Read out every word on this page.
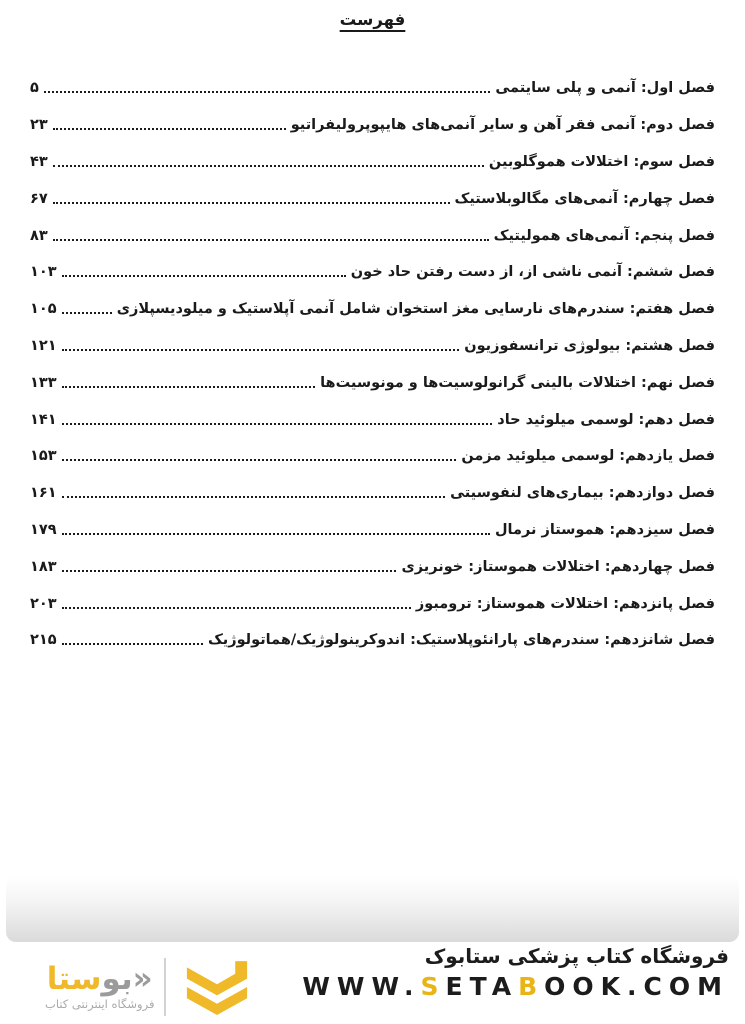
فهرست
فصل اول: آنمی و پلی سایتمی
۵
فصل دوم: آنمی فقر آهن و سایر آنمی‌های هایپوپرولیفراتیو
۲۳
فصل سوم: اختلالات هموگلوبین
۴۳
فصل چهارم: آنمی‌های مگالوبلاستیک
۶۷
فصل پنجم: آنمی‌های همولیتیک
۸۳
فصل ششم: آنمی ناشی از، از دست رفتن حاد خون
۱۰۳
فصل هفتم: سندرم‌های نارسایی مغز استخوان شامل آنمی آپلاستیک و میلودیسپلازی
۱۰۵
فصل هشتم: بیولوژی ترانسفوزیون
۱۲۱
فصل نهم: اختلالات بالینی گرانولوسیت‌ها و مونوسیت‌ها
۱۳۳
فصل دهم: لوسمی میلوئید حاد
۱۴۱
فصل یازدهم: لوسمی میلوئید مزمن
۱۵۳
فصل دوازدهم: بیماری‌های لنفوسیتی
۱۶۱
فصل سیزدهم: هموستاز نرمال
۱۷۹
فصل چهاردهم: اختلالات هموستاز: خونریزی
۱۸۳
فصل پانزدهم: اختلالات هموستاز: ترومبوز
۲۰۳
فصل شانزدهم: سندرم‌های پارانئوپلاستیک: اندوکرینولوژیک/هماتولوژیک
۲۱۵
«بوستا
فروشگاه اینترنتی کتاب
فروشگاه کتاب پزشکی ستابوک
WWW.SETABOOK.COM
